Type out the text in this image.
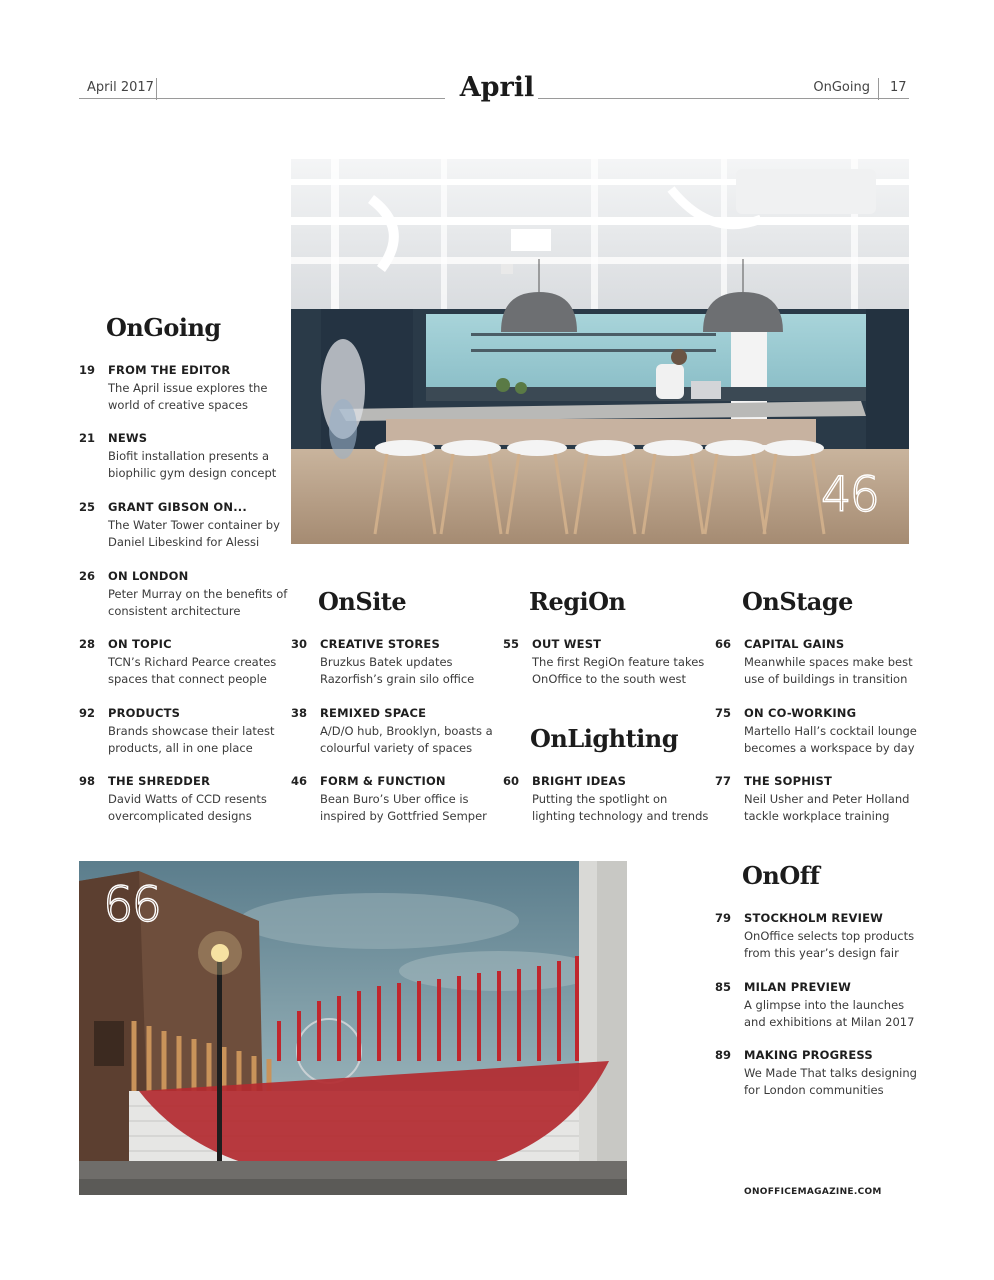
April 2017	April	OnGoing 17
46
66
OnGoing
19 FROM THE EDITOR
The April issue explores the world of creative spaces
21 NEWS
Biofit installation presents a biophilic gym design concept
25 GRANT GIBSON ON...
The Water Tower container by Daniel Libeskind for Alessi
26 ON LONDON
Peter Murray on the benefits of consistent architecture
28 ON TOPIC
TCN’s Richard Pearce creates spaces that connect people
92 PRODUCTS
Brands showcase their latest products, all in one place
98 THE SHREDDER
David Watts of CCD resents overcomplicated designs
OnSite
30 CREATIVE STORES
Bruzkus Batek updates Razorfish’s grain silo office
38 REMIXED SPACE
A/D/O hub, Brooklyn, boasts a colourful variety of spaces
46 FORM & FUNCTION
Bean Buro’s Uber office is inspired by Gottfried Semper
RegiOn
55 OUT WEST
The first RegiOn feature takes OnOffice to the south west
OnLighting
60 BRIGHT IDEAS
Putting the spotlight on lighting technology and trends
OnStage
66 CAPITAL GAINS
Meanwhile spaces make best use of buildings in transition
75 ON CO-WORKING
Martello Hall’s cocktail lounge becomes a workspace by day
77 THE SOPHIST
Neil Usher and Peter Holland tackle workplace training
OnOff
79 STOCKHOLM REVIEW
OnOffice selects top products from this year’s design fair
85 MILAN PREVIEW
A glimpse into the launches and exhibitions at Milan 2017
89 MAKING PROGRESS
We Made That talks designing for London communities
ONOFFICEMAGAZINE.COM
